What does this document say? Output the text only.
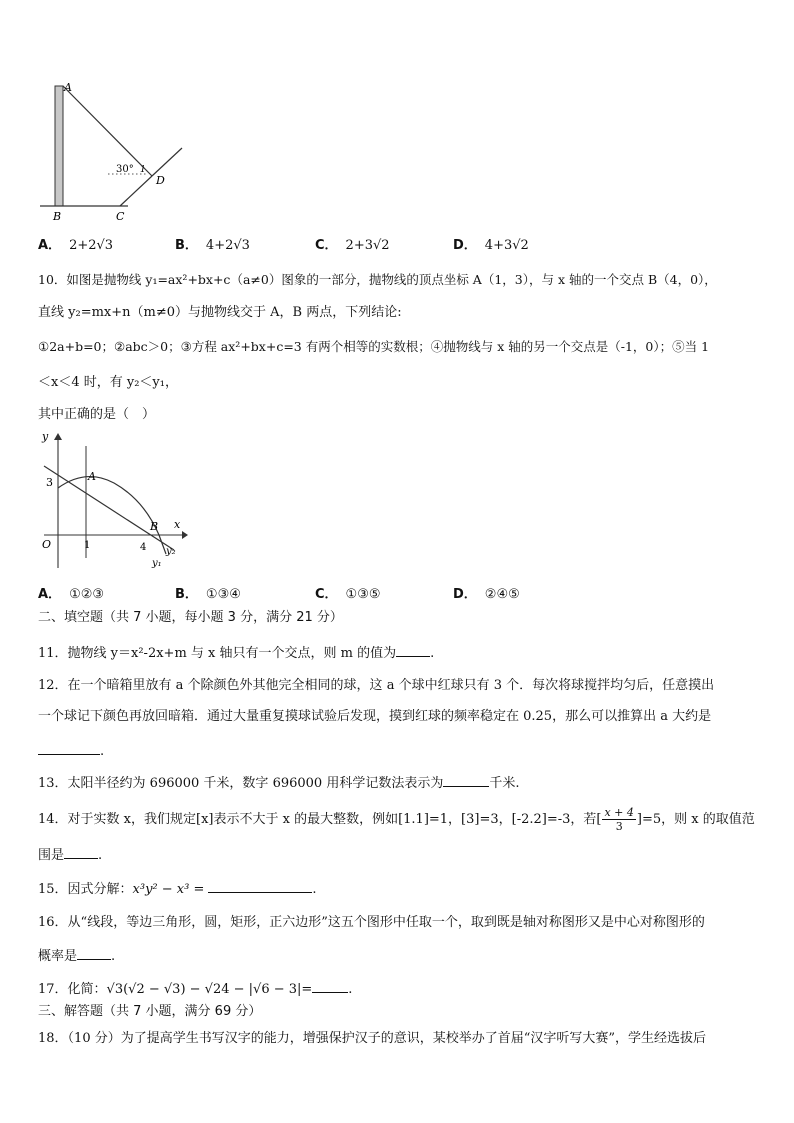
A
B	C
D
30° 1
A． 2+2√3	B． 4+2√3	C． 2+3√2	D． 4+3√2
10．如图是抛物线 y₁=ax²+bx+c（a≠0）图象的一部分，抛物线的顶点坐标 A（1，3），与 x 轴的一个交点 B（4，0），
直线 y₂=mx+n（m≠0）与抛物线交于 A，B 两点，下列结论:
①2a+b=0；②abc＞0；③方程 ax²+bx+c=3 有两个相等的实数根；④抛物线与 x 轴的另一个交点是（-1，0）；⑤当 1
＜x＜4 时，有 y₂＜y₁，
其中正确的是（　）
y
x
O
3
1	4
A
B
y₂
y₁
A． ①②③	B． ①③④	C． ①③⑤	D． ②④⑤
二、填空题（共 7 小题，每小题 3 分，满分 21 分）
11．抛物线 y＝x²-2x+m 与 x 轴只有一个交点，则 m 的值为	.
12．在一个暗箱里放有 a 个除颜色外其他完全相同的球，这 a 个球中红球只有 3 个．每次将球搅拌均匀后，任意摸出
一个球记下颜色再放回暗箱．通过大量重复摸球试验后发现，摸到红球的频率稳定在 0.25，那么可以推算出 a 大约是
.
13．太阳半径约为 696000 千米，数字 696000 用科学记数法表示为	千米.
14．对于实数 x，我们规定[x]表示不大于 x 的最大整数，例如[1.1]=1，[3]=3，[-2.2]=-3，若[ $\frac{x + 4}{3} ]=5$，则 x 的取值范
围是	.
15．因式分解：x³y² − x³ =	.
16．从“线段，等边三角形，圆，矩形，正六边形”这五个图形中任取一个，取到既是轴对称图形又是中心对称图形的
概率是	.
17．化简：√3(√2 − √3) − √24 − |√6 − 3|=	.
三、解答题（共 7 小题，满分 69 分）
18．（10 分）为了提高学生书写汉字的能力，增强保护汉子的意识，某校举办了首届“汉字听写大赛”，学生经选拔后
